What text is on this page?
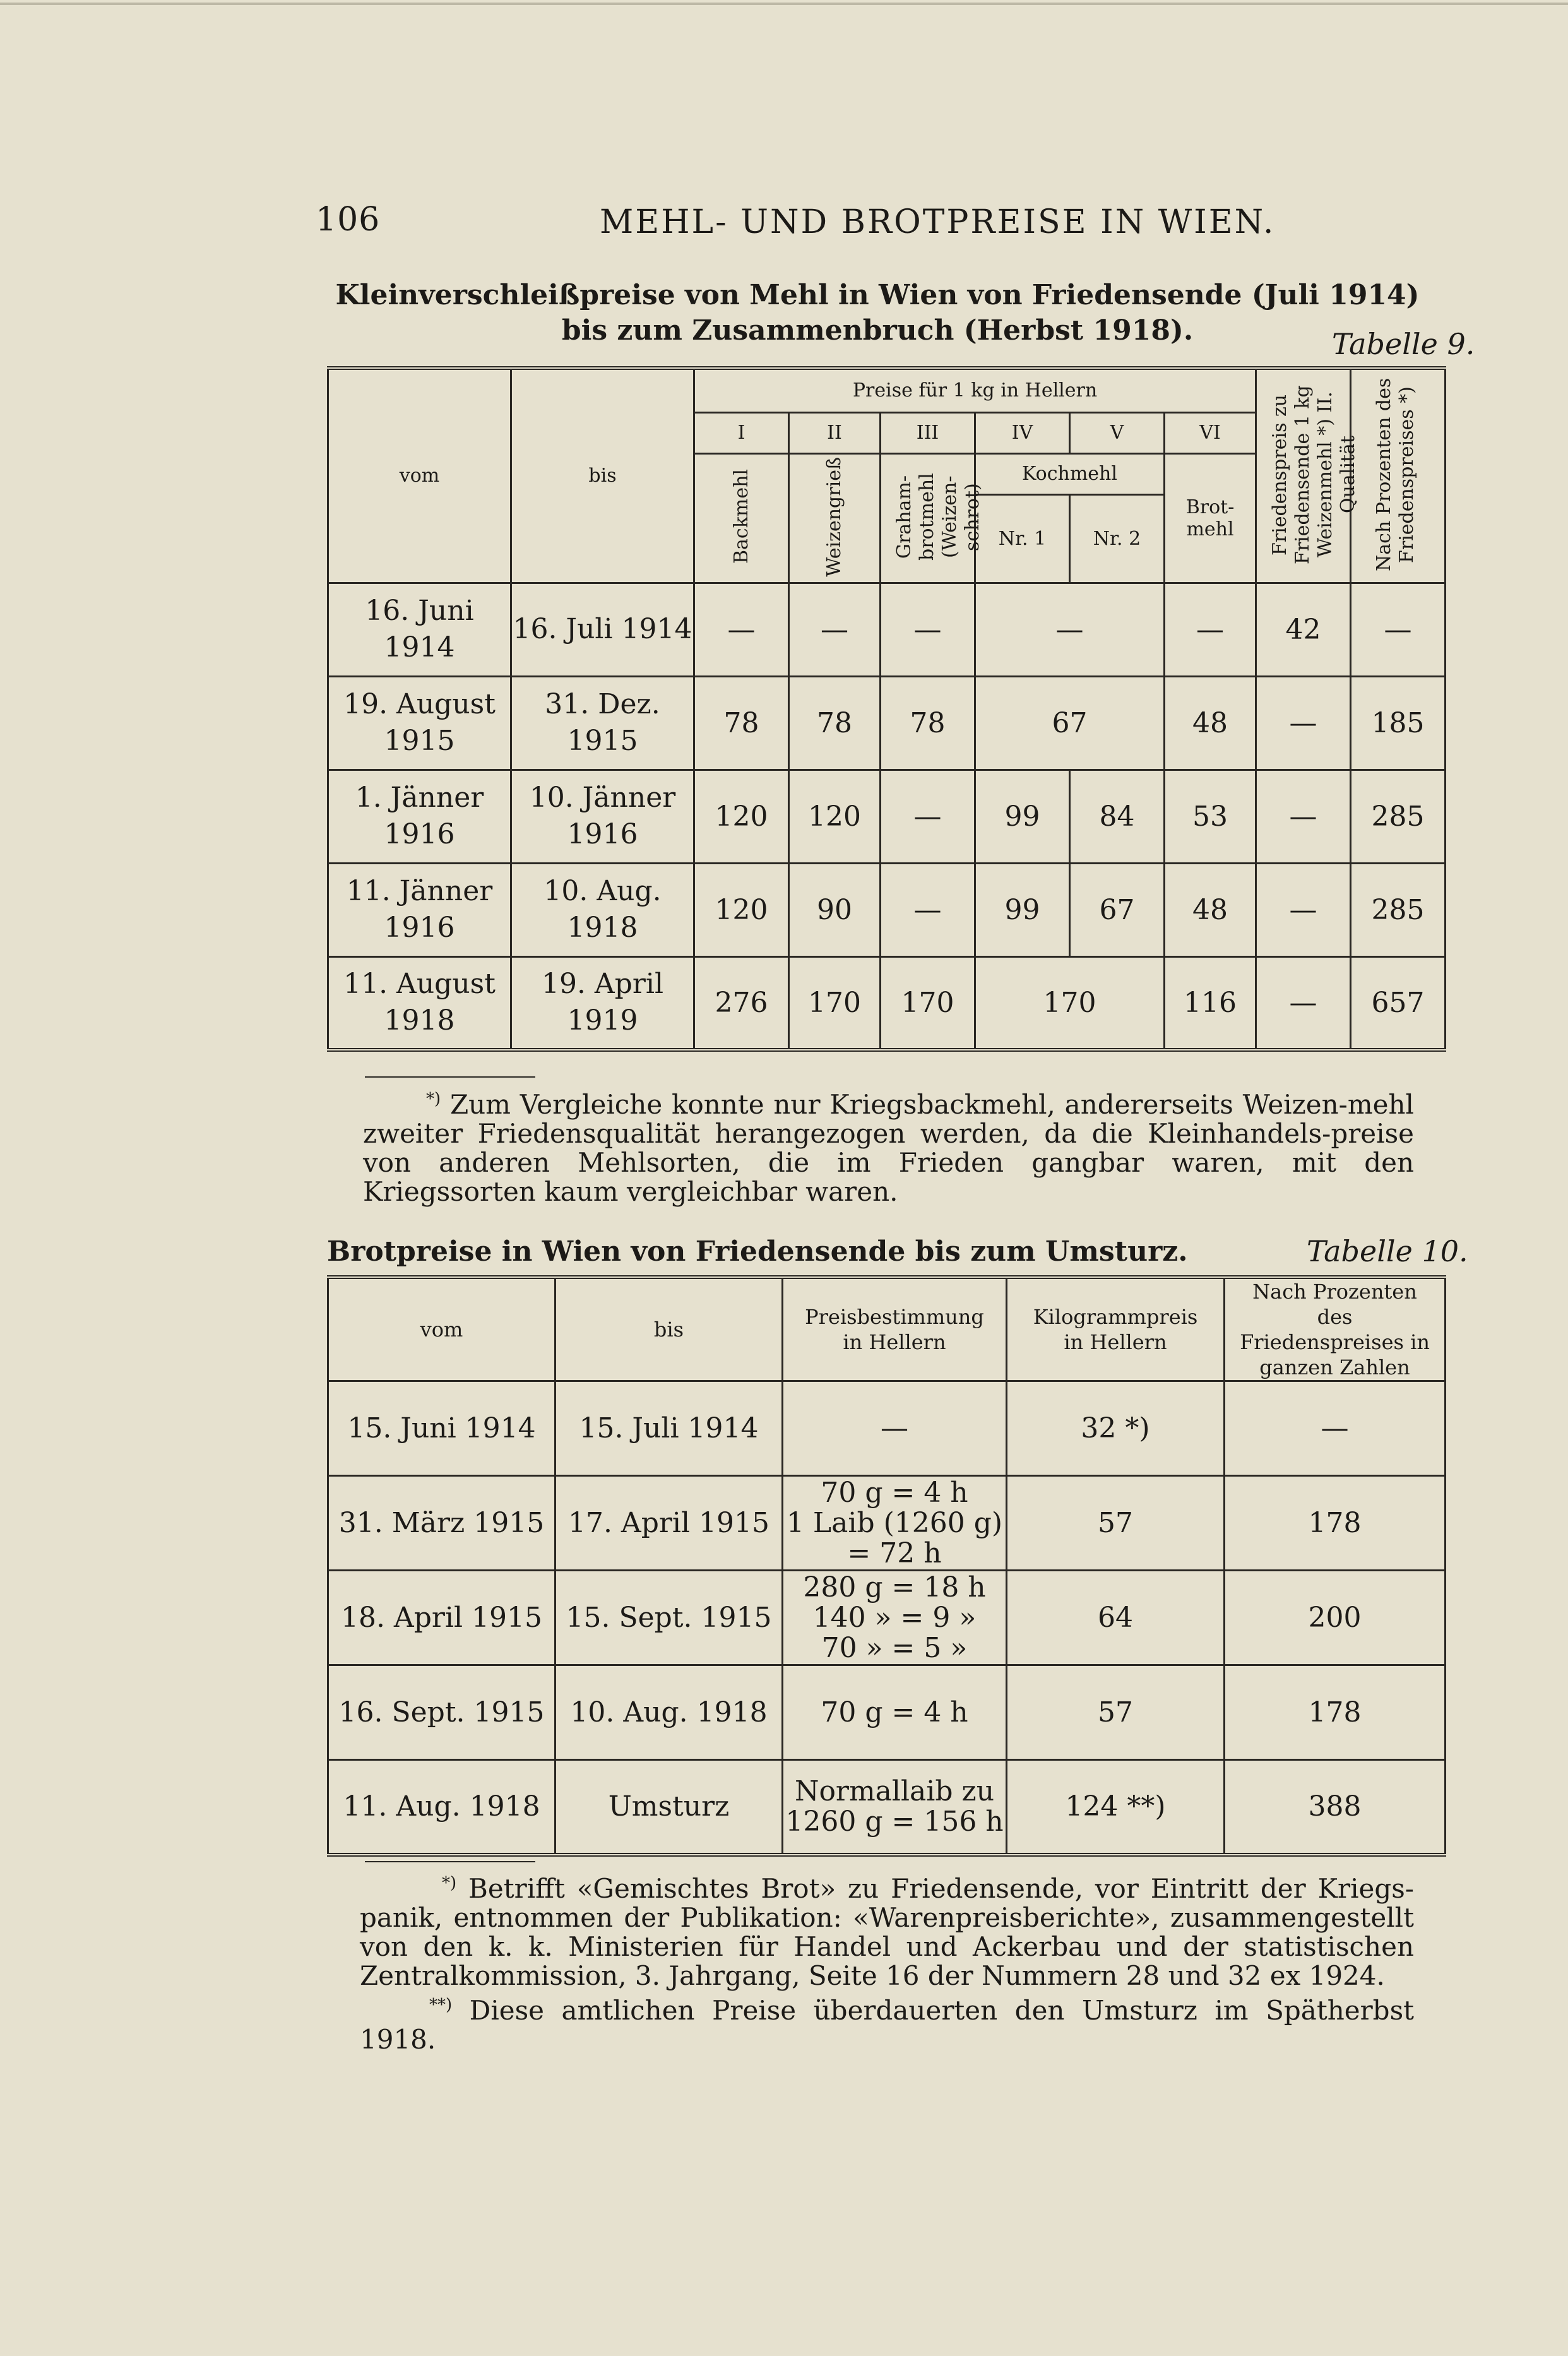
106	MEHL- UND BROTPREISE IN WIEN.
Kleinverschleißpreise von Mehl in Wien von Friedensende (Juli 1914)
bis zum Zusammenbruch (Herbst 1918).	Tabelle 9.
vom	bis	Preise für 1 kg in Hellern						Friedenspreis zu Friedensende 1 kg Weizenmehl *) II. Qualität	Nach Prozenten des Friedenspreises *)
		I	II	III	IV	V	VI		
		Backmehl	Weizengrieß	Graham-brotmehl (Weizen-schrot)	Kochmehl		Brot-mehl		
					Nr. 1	Nr. 2			
16. Juni 1914	16. Juli 1914	—	—	—	—		—	42	—
19. August 1915	31. Dez. 1915	78	78	78	67		48	—	185
1. Jänner 1916	10. Jänner 1916	120	120	—	99	84	53	—	285
11. Jänner 1916	10. Aug. 1918	120	90	—	99	67	48	—	285
11. August 1918	19. April 1919	276	170	170	170		116	—	657

*) Zum Vergleiche konnte nur Kriegsbackmehl, andererseits Weizen-mehl zweiter Friedensqualität herangezogen werden, da die Kleinhandels-preise von anderen Mehlsorten, die im Frieden gangbar waren, mit den Kriegssorten kaum vergleichbar waren.

Brotpreise in Wien von Friedensende bis zum Umsturz.	Tabelle 10.
vom	bis	Preisbestimmung in Hellern	Kilogrammpreis in Hellern	Nach Prozenten des Friedenspreises in ganzen Zahlen
15. Juni 1914	15. Juli 1914	—	32 *)	—
31. März 1915	17. April 1915	70 g = 4 h
1 Laib (1260 g)
= 72 h	57	178
18. April 1915	15. Sept. 1915	280 g = 18 h
140 » = 9 »
70 » = 5 »	64	200
16. Sept. 1915	10. Aug. 1918	70 g = 4 h	57	178
11. Aug. 1918	Umsturz	Normallaib zu
1260 g = 156 h	124 **)	388

*) Betrifft «Gemischtes Brot» zu Friedensende, vor Eintritt der Kriegs-panik, entnommen der Publikation: «Warenpreisberichte», zusammengestellt von den k. k. Ministerien für Handel und Ackerbau und der statistischen Zentralkommission, 3. Jahrgang, Seite 16 der Nummern 28 und 32 ex 1924.

**) Diese amtlichen Preise überdauerten den Umsturz im Spätherbst 1918.
